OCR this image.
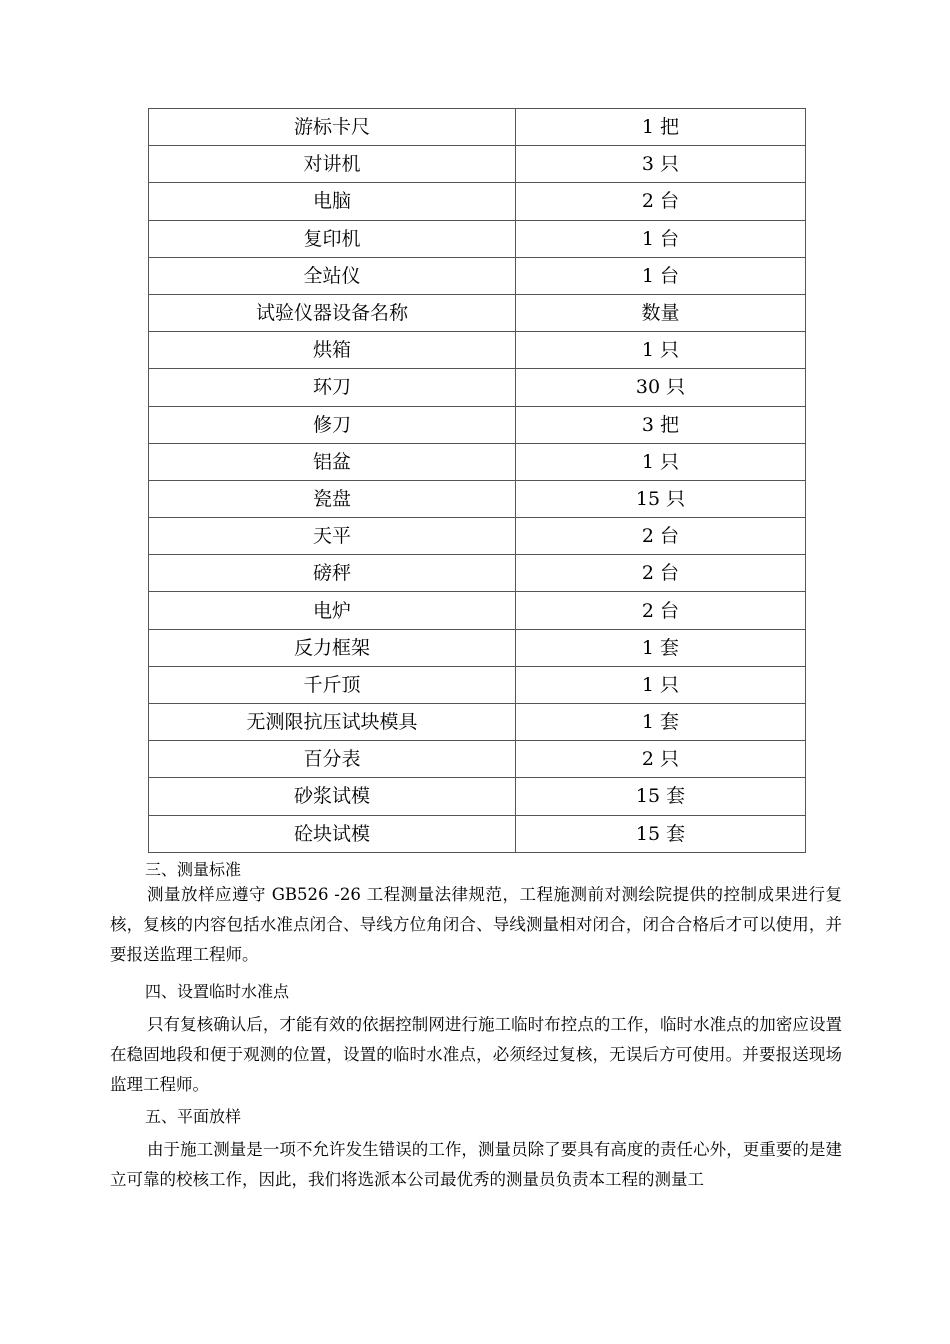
游标卡尺	1 把
对讲机	3 只
电脑	2 台
复印机	1 台
全站仪	1 台
试验仪器设备名称	数量
烘箱	1 只
环刀	30 只
修刀	3 把
铝盆	1 只
瓷盘	15 只
天平	2 台
磅秤	2 台
电炉	2 台
反力框架	1 套
千斤顶	1 只
无测限抗压试块模具	1 套
百分表	2 只
砂浆试模	15 套
砼块试模	15 套
三、测量标准
测量放样应遵守 GB526 -26 工程测量法律规范，工程施测前对测绘院提供的控制成果进行复核，复核的内容包括水准点闭合、导线方位角闭合、导线测量相对闭合，闭合合格后才可以使用，并要报送监理工程师。
四、设置临时水准点
只有复核确认后，才能有效的依据控制网进行施工临时布控点的工作，临时水准点的加密应设置在稳固地段和便于观测的位置，设置的临时水准点，必须经过复核，无误后方可使用。并要报送现场监理工程师。
五、平面放样
由于施工测量是一项不允许发生错误的工作，测量员除了要具有高度的责任心外，更重要的是建立可靠的校核工作，因此，我们将选派本公司最优秀的测量员负责本工程的测量工
